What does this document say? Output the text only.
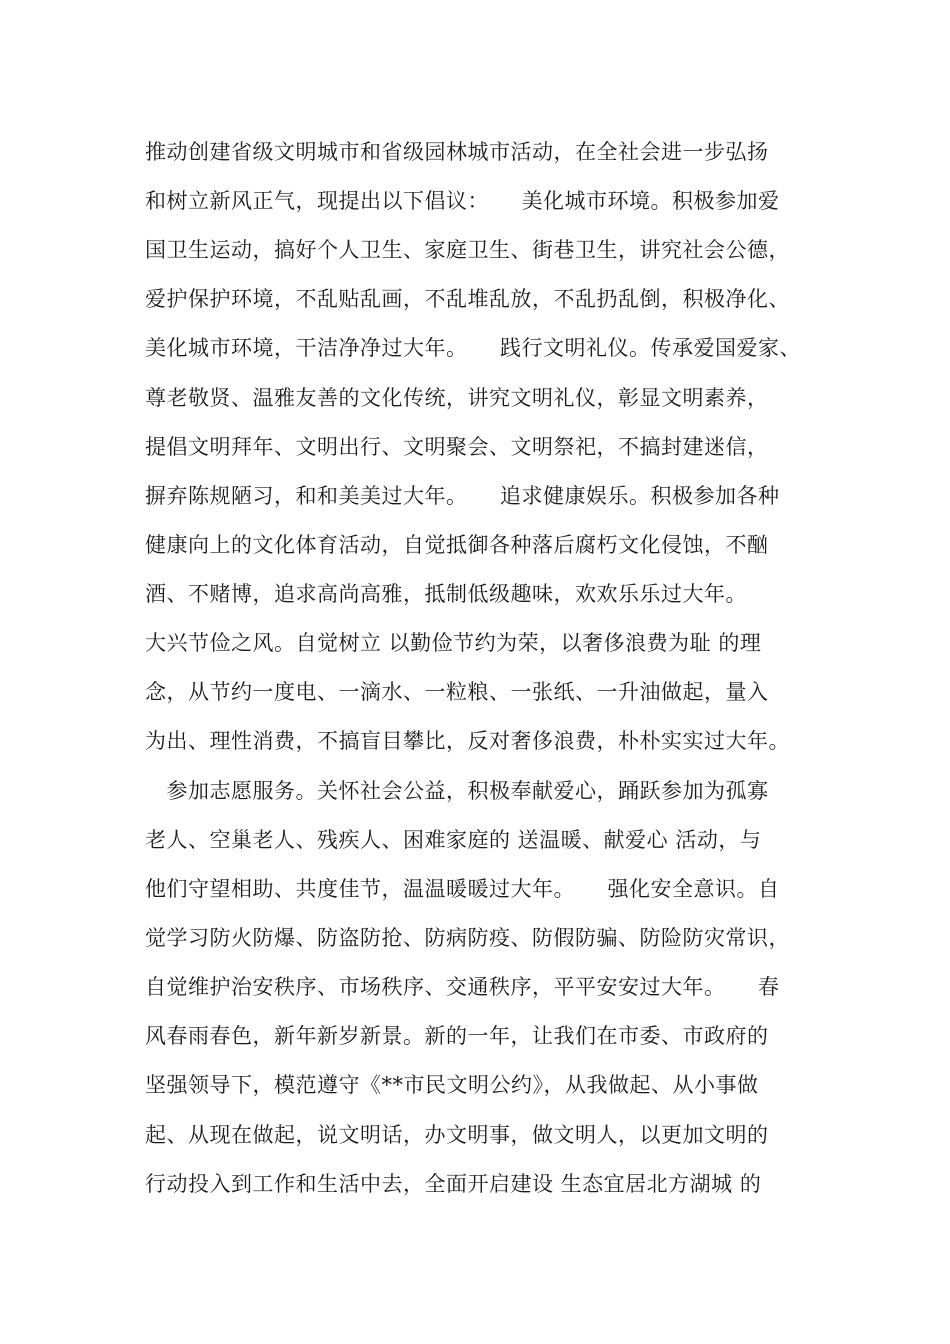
推动创建省级文明城市和省级园林城市活动，在全社会进一步弘扬
和树立新风正气，现提出以下倡议：　　美化城市环境。积极参加爱
国卫生运动，搞好个人卫生、家庭卫生、街巷卫生，讲究社会公德，
爱护保护环境，不乱贴乱画，不乱堆乱放，不乱扔乱倒，积极净化、
美化城市环境，干洁净净过大年。　　践行文明礼仪。传承爱国爱家、
尊老敬贤、温雅友善的文化传统，讲究文明礼仪，彰显文明素养，
提倡文明拜年、文明出行、文明聚会、文明祭祀，不搞封建迷信，
摒弃陈规陋习，和和美美过大年。　　追求健康娱乐。积极参加各种
健康向上的文化体育活动，自觉抵御各种落后腐朽文化侵蚀，不酗
酒、不赌博，追求高尚高雅，抵制低级趣味，欢欢乐乐过大年。
大兴节俭之风。自觉树立 以勤俭节约为荣，以奢侈浪费为耻 的理
念，从节约一度电、一滴水、一粒粮、一张纸、一升油做起，量入
为出、理性消费，不搞盲目攀比，反对奢侈浪费，朴朴实实过大年。
　参加志愿服务。关怀社会公益，积极奉献爱心，踊跃参加为孤寡
老人、空巢老人、残疾人、困难家庭的 送温暖、献爱心 活动，与
他们守望相助、共度佳节，温温暖暖过大年。　　强化安全意识。自
觉学习防火防爆、防盗防抢、防病防疫、防假防骗、防险防灾常识，
自觉维护治安秩序、市场秩序、交通秩序，平平安安过大年。　　春
风春雨春色，新年新岁新景。新的一年，让我们在市委、市政府的
坚强领导下，模范遵守《**市民文明公约》，从我做起、从小事做
起、从现在做起，说文明话，办文明事，做文明人，以更加文明的
行动投入到工作和生活中去，全面开启建设 生态宜居北方湖城 的
